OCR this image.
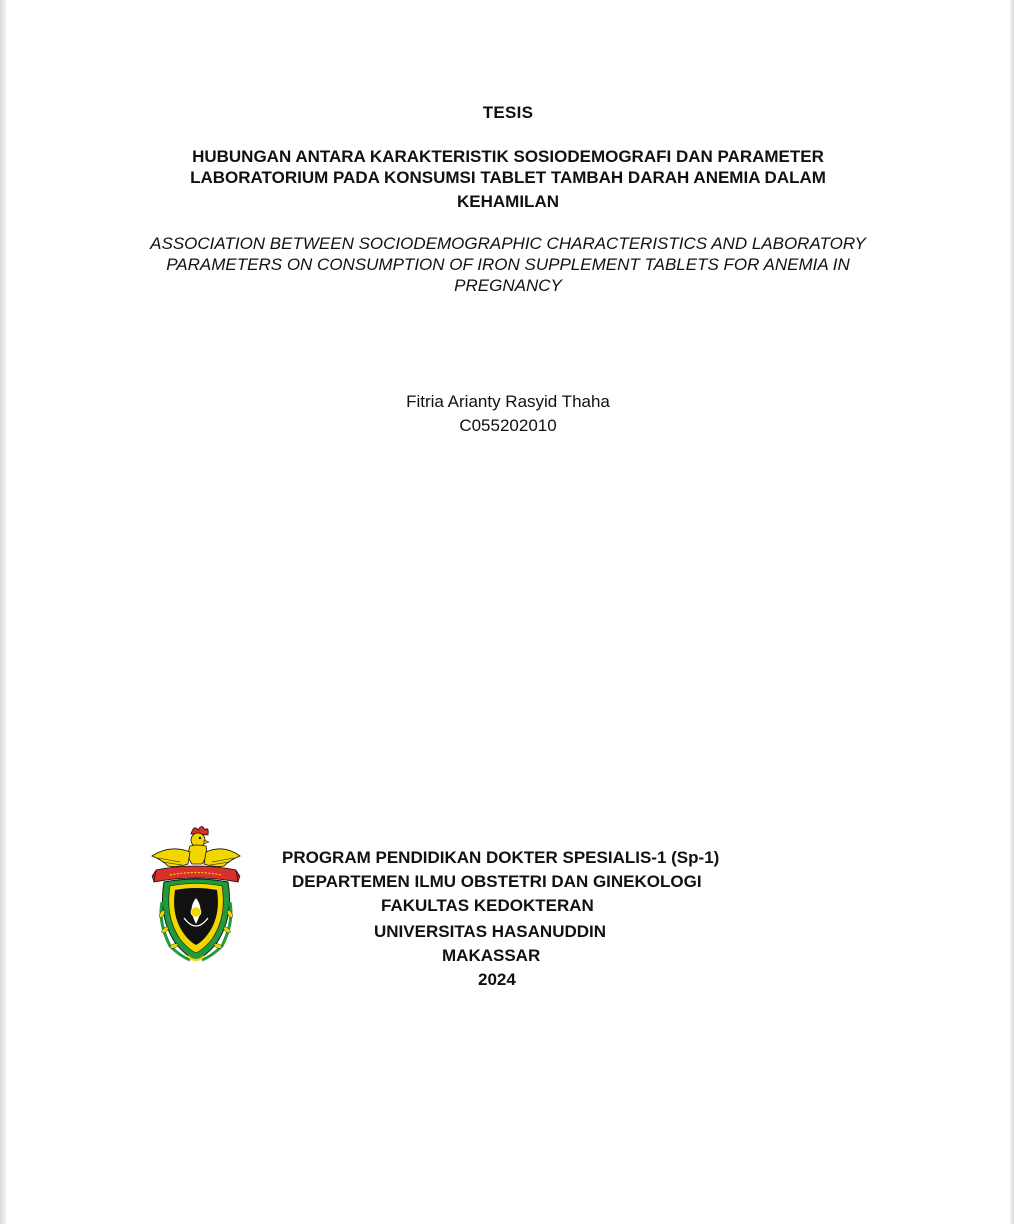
TESIS
HUBUNGAN ANTARA KARAKTERISTIK SOSIODEMOGRAFI DAN PARAMETER
LABORATORIUM PADA KONSUMSI TABLET TAMBAH DARAH ANEMIA DALAM
KEHAMILAN
ASSOCIATION BETWEEN SOCIODEMOGRAPHIC CHARACTERISTICS AND LABORATORY
PARAMETERS ON CONSUMPTION OF IRON SUPPLEMENT TABLETS FOR ANEMIA IN
PREGNANCY
Fitria Arianty Rasyid Thaha
C055202010
PROGRAM PENDIDIKAN DOKTER SPESIALIS-1 (Sp-1)
DEPARTEMEN ILMU OBSTETRI DAN GINEKOLOGI
FAKULTAS KEDOKTERAN
UNIVERSITAS HASANUDDIN
MAKASSAR
2024
